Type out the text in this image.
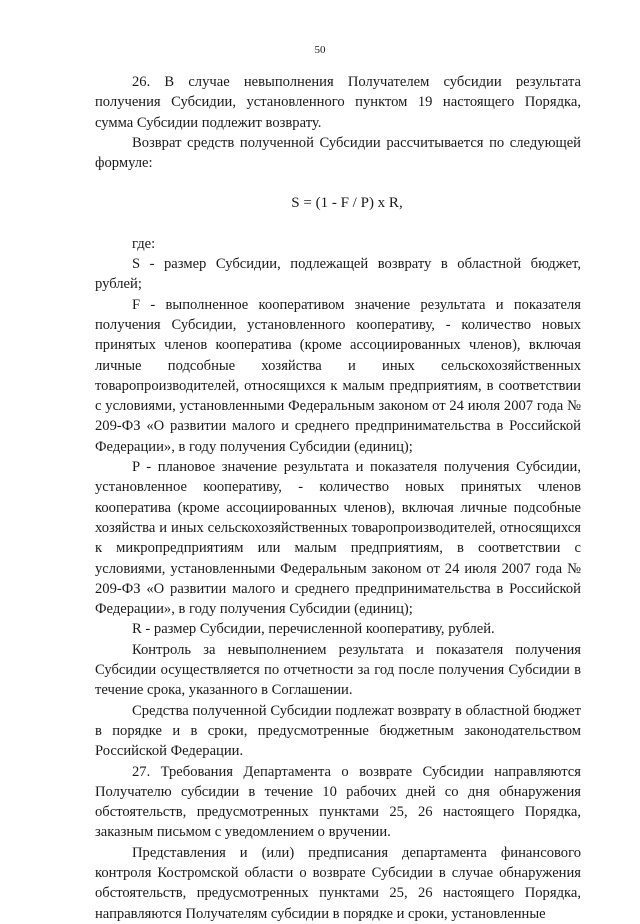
50

26. В случае невыполнения Получателем субсидии результата получения Субсидии, установленного пунктом 19 настоящего Порядка, сумма Субсидии подлежит возврату.

Возврат средств полученной Субсидии рассчитывается по следующей формуле:

S = (1 - F / P) x R,

где:

S - размер Субсидии, подлежащей возврату в областной бюджет, рублей;

F - выполненное кооперативом значение результата и показателя получения Субсидии, установленного кооперативу, - количество новых принятых членов кооператива (кроме ассоциированных членов), включая личные подсобные хозяйства и иных сельскохозяйственных товаропроизводителей, относящихся к малым предприятиям, в соответствии с условиями, установленными Федеральным законом от 24 июля 2007 года № 209-ФЗ «О развитии малого и среднего предпринимательства в Российской Федерации», в году получения Субсидии (единиц);

P - плановое значение результата и показателя получения Субсидии, установленное кооперативу, - количество новых принятых членов кооператива (кроме ассоциированных членов), включая личные подсобные хозяйства и иных сельскохозяйственных товаропроизводителей, относящихся к микропредприятиям или малым предприятиям, в соответствии с условиями, установленными Федеральным законом от 24 июля 2007 года № 209-ФЗ «О развитии малого и среднего предпринимательства в Российской Федерации», в году получения Субсидии (единиц);

R - размер Субсидии, перечисленной кооперативу, рублей.

Контроль за невыполнением результата и показателя получения Субсидии осуществляется по отчетности за год после получения Субсидии в течение срока, указанного в Соглашении.

Средства полученной Субсидии подлежат возврату в областной бюджет в порядке и в сроки, предусмотренные бюджетным законодательством Российской Федерации.

27. Требования Департамента о возврате Субсидии направляются Получателю субсидии в течение 10 рабочих дней со дня обнаружения обстоятельств, предусмотренных пунктами 25, 26 настоящего Порядка, заказным письмом с уведомлением о вручении.

Представления и (или) предписания департамента финансового контроля Костромской области о возврате Субсидии в случае обнаружения обстоятельств, предусмотренных пунктами 25, 26 настоящего Порядка, направляются Получателям субсидии в порядке и сроки, установленные
